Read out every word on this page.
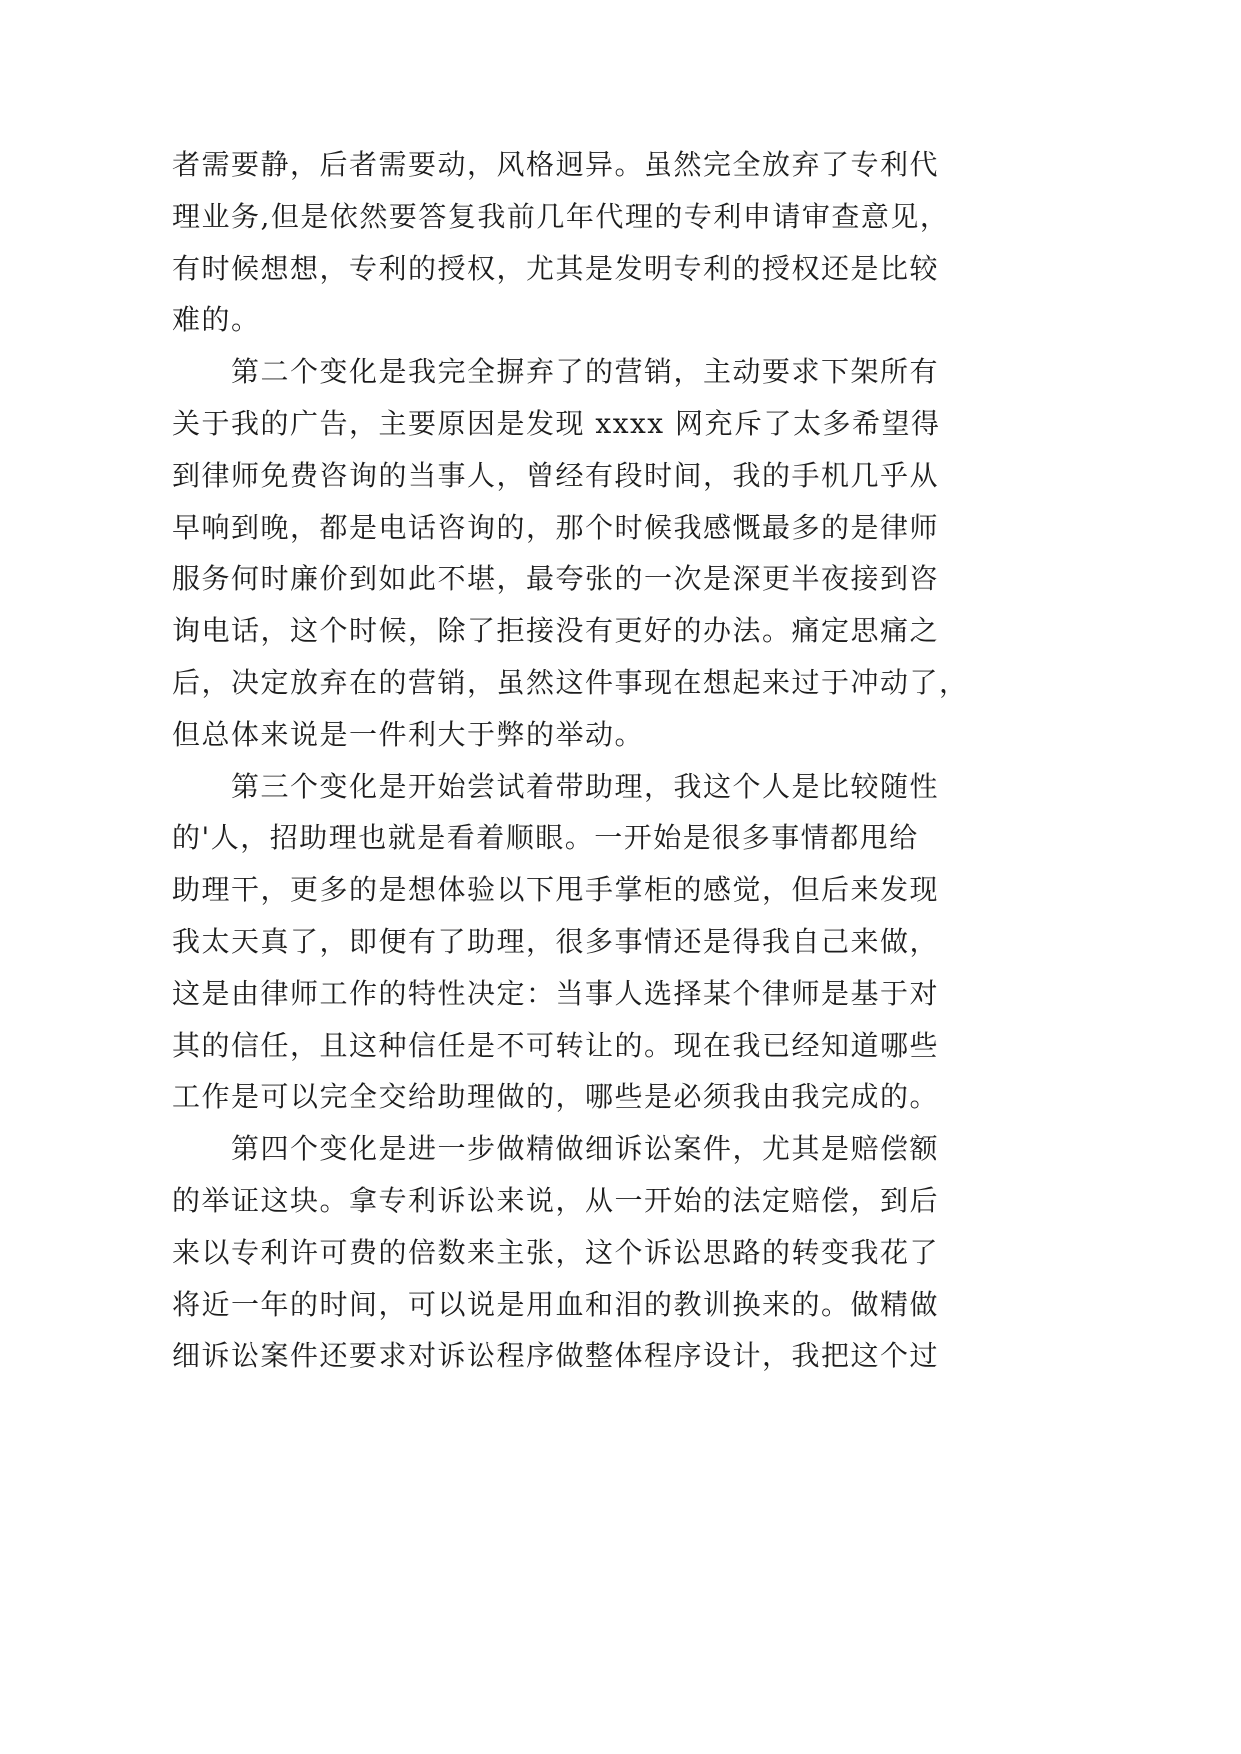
者需要静，后者需要动，风格迥异。虽然完全放弃了专利代
理业务,但是依然要答复我前几年代理的专利申请审查意见，
有时候想想，专利的授权，尤其是发明专利的授权还是比较
难的。
第二个变化是我完全摒弃了的营销，主动要求下架所有
关于我的广告，主要原因是发现 xxxx 网充斥了太多希望得
到律师免费咨询的当事人，曾经有段时间，我的手机几乎从
早响到晚，都是电话咨询的，那个时候我感慨最多的是律师
服务何时廉价到如此不堪，最夸张的一次是深更半夜接到咨
询电话，这个时候，除了拒接没有更好的办法。痛定思痛之
后，决定放弃在的营销，虽然这件事现在想起来过于冲动了，
但总体来说是一件利大于弊的举动。
第三个变化是开始尝试着带助理，我这个人是比较随性
的'人，招助理也就是看着顺眼。一开始是很多事情都甩给
助理干，更多的是想体验以下甩手掌柜的感觉，但后来发现
我太天真了，即便有了助理，很多事情还是得我自己来做，
这是由律师工作的特性决定：当事人选择某个律师是基于对
其的信任，且这种信任是不可转让的。现在我已经知道哪些
工作是可以完全交给助理做的，哪些是必须我由我完成的。
第四个变化是进一步做精做细诉讼案件，尤其是赔偿额
的举证这块。拿专利诉讼来说，从一开始的法定赔偿，到后
来以专利许可费的倍数来主张，这个诉讼思路的转变我花了
将近一年的时间，可以说是用血和泪的教训换来的。做精做
细诉讼案件还要求对诉讼程序做整体程序设计，我把这个过
